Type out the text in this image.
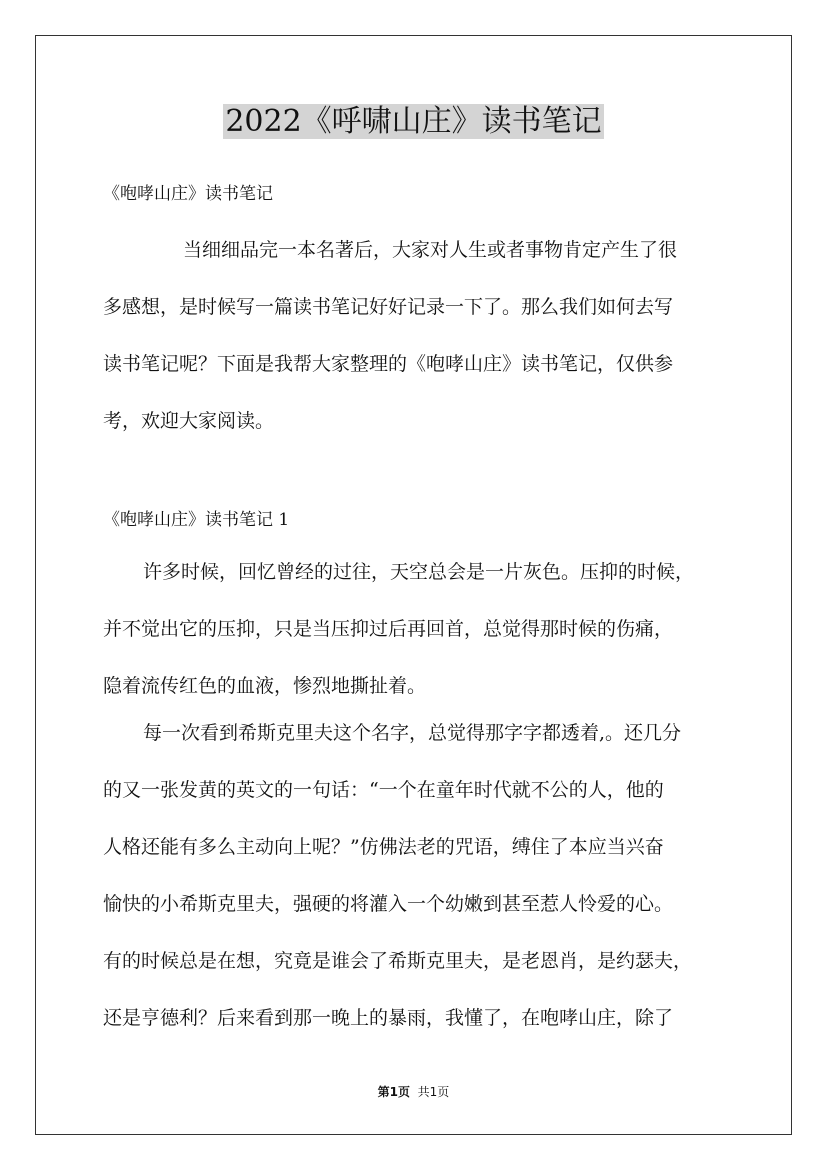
2022《呼啸山庄》读书笔记
《咆哮山庄》读书笔记
当细细品完一本名著后，大家对人生或者事物肯定产生了很
多感想，是时候写一篇读书笔记好好记录一下了。那么我们如何去写
读书笔记呢？下面是我帮大家整理的《咆哮山庄》读书笔记，仅供参
考，欢迎大家阅读。
《咆哮山庄》读书笔记 1
许多时候，回忆曾经的过往，天空总会是一片灰色。压抑的时候，
并不觉出它的压抑，只是当压抑过后再回首，总觉得那时候的伤痛，
隐着流传红色的血液，惨烈地撕扯着。
每一次看到希斯克里夫这个名字，总觉得那字字都透着,。还几分
的又一张发黄的英文的一句话：“一个在童年时代就不公的人，他的
人格还能有多么主动向上呢？”仿佛法老的咒语，缚住了本应当兴奋
愉快的小希斯克里夫，强硬的将灌入一个幼嫩到甚至惹人怜爱的心。
有的时候总是在想，究竟是谁会了希斯克里夫，是老恩肖，是约瑟夫，
还是亨德利？后来看到那一晚上的暴雨，我懂了，在咆哮山庄，除了
第1页 共1页
